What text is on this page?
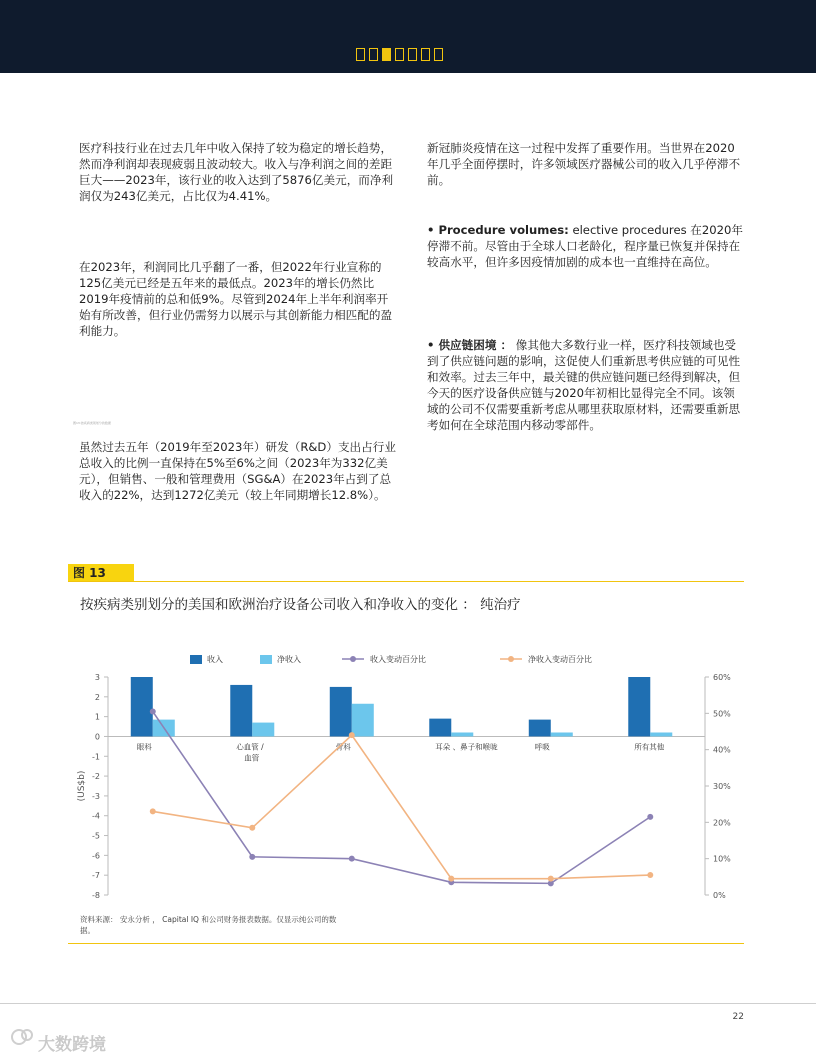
医疗科技行业在过去几年中收入保持了较为稳定的增长趋势，然而净利润却表现疲弱且波动较大。收入与净利润之间的差距巨大——2023年，该行业的收入达到了5876亿美元，而净利润仅为243亿美元，占比仅为4.41%。

在2023年，利润同比几乎翻了一番，但2022年行业宣称的125亿美元已经是五年来的最低点。2023年的增长仍然比2019年疫情前的总和低9%。尽管到2024年上半年利润率开始有所改善，但行业仍需努力以展示与其创新能力相匹配的盈利能力。

图13:按疾病类别划分的数据

虽然过去五年（2019年至2023年）研发（R&D）支出占行业总收入的比例一直保持在5%至6%之间（2023年为332亿美元），但销售、一般和管理费用（SG&A）在2023年占到了总收入的22%，达到1272亿美元（较上年同期增长12.8%）。

新冠肺炎疫情在这一过程中发挥了重要作用。当世界在2020年几乎全面停摆时，许多领域医疗器械公司的收入几乎停滞不前。

• Procedure volumes: elective procedures 在2020年停滞不前。尽管由于全球人口老龄化，程序量已恢复并保持在较高水平，但许多因疫情加剧的成本也一直维持在高位。

• 供应链困境 ： 像其他大多数行业一样，医疗科技领域也受到了供应链问题的影响，这促使人们重新思考供应链的可见性和效率。过去三年中，最关键的供应链问题已经得到解决，但今天的医疗设备供应链与2020年初相比显得完全不同。该领域的公司不仅需要重新考虑从哪里获取原材料，还需要重新思考如何在全球范围内移动零部件。

图 13
按疾病类别划分的美国和欧洲治疗设备公司收入和净收入的变化 ： 纯治疗
3
2
1
0
-1
-2
-3
-4
-5
-6
-7
-8
60%
50%
40%
30%
20%
10%
0%
(US$b)
眼科	心血管 /
血管
骨科	耳朵 、鼻子和喉咙	呼吸	所有其他
收入	净收入	收入变动百分比	净收入变动百分比
资料来源： 安永分析 ， Capital IQ 和公司财务报表数据。仅显示纯公司的数据。
22
大数跨境
